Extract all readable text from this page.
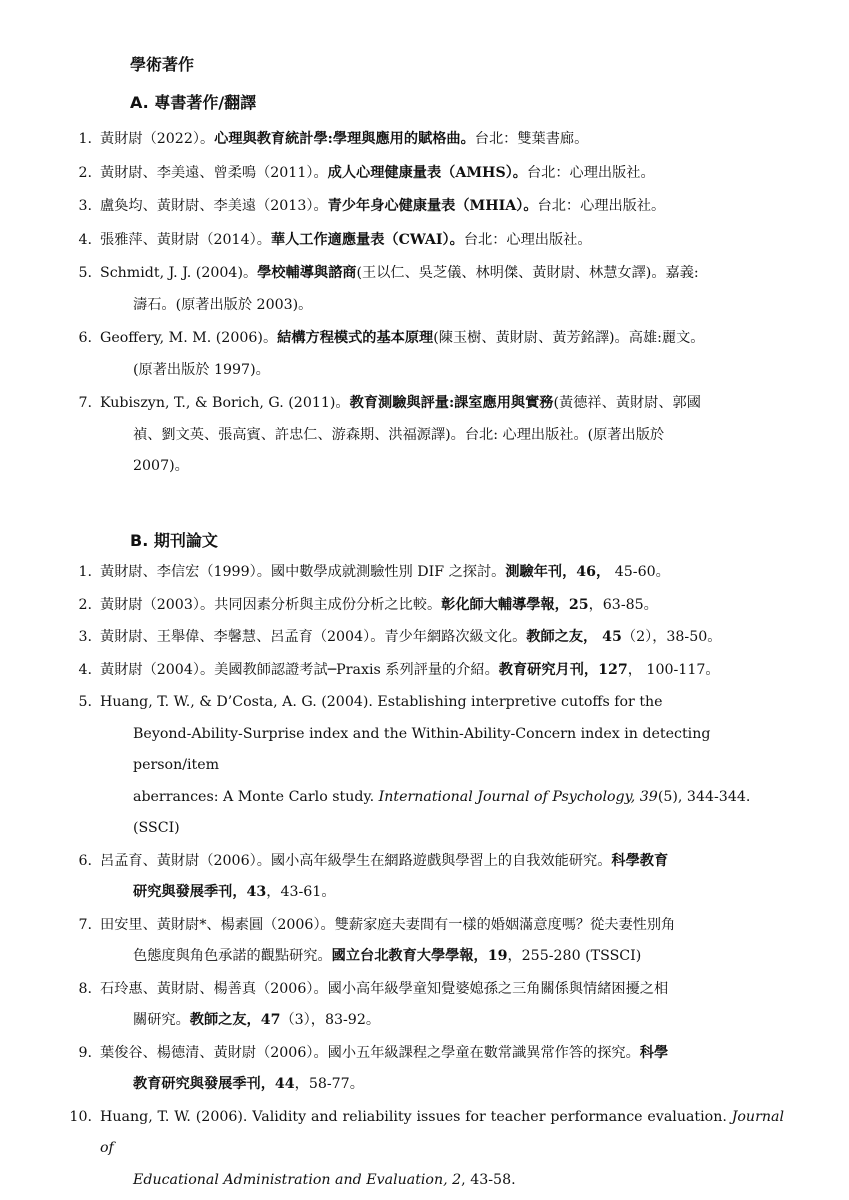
學術著作
A. 專書著作/翻譯
1. 黃財尉（2022）。心理與教育統計學:學理與應用的賦格曲。台北：雙葉書廊。
2. 黃財尉、李美遠、曾柔鳴（2011）。成人心理健康量表（AMHS）。台北：心理出版社。
3. 盧奐均、黃財尉、李美遠（2013）。青少年身心健康量表（MHIA）。台北：心理出版社。
4. 張雅萍、黃財尉（2014）。華人工作適應量表（CWAI）。台北：心理出版社。
5. Schmidt, J. J. (2004)。學校輔導與諮商(王以仁、吳芝儀、林明傑、黃財尉、林慧女譯)。嘉義:
濤石。(原著出版於 2003)。
6. Geoffery, M. M. (2006)。結構方程模式的基本原理(陳玉樹、黃財尉、黃芳銘譯)。高雄:麗文。
(原著出版於 1997)。
7. Kubiszyn, T., & Borich, G. (2011)。教育測驗與評量:課室應用與實務(黃德祥、黃財尉、郭國
禎、劉文英、張高賓、許忠仁、游森期、洪福源譯)。台北: 心理出版社。(原著出版於
2007)。
B. 期刊論文
1. 黃財尉、李信宏（1999）。國中數學成就測驗性別 DIF 之探討。測驗年刊，46， 45-60。
2. 黃財尉（2003）。共同因素分析與主成份分析之比較。彰化師大輔導學報，25，63-85。
3. 黃財尉、王舉偉、李馨慧、呂孟育（2004）。青少年網路次級文化。教師之友， 45（2），38-50。
4. 黃財尉（2004）。美國教師認證考試─Praxis 系列評量的介紹。教育研究月刊，127， 100-117。
5. Huang, T. W., & D’Costa, A. G. (2004). Establishing interpretive cutoffs for the
Beyond-Ability-Surprise index and the Within-Ability-Concern index in detecting person/item
aberrances: A Monte Carlo study. International Journal of Psychology, 39(5), 344-344. (SSCI)
6. 呂孟育、黃財尉（2006）。國小高年級學生在網路遊戲與學習上的自我效能研究。科學教育
研究與發展季刊，43，43-61。
7. 田安里、黃財尉*、楊素圓（2006）。雙薪家庭夫妻間有一樣的婚姻滿意度嗎？從夫妻性別角
色態度與角色承諾的觀點研究。國立台北教育大學學報，19，255-280 (TSSCI)
8. 石玲惠、黃財尉、楊善真（2006）。國小高年級學童知覺婆媳孫之三角關係與情緒困擾之相
關研究。教師之友，47（3），83-92。
9. 葉俊谷、楊德清、黃財尉（2006）。國小五年級課程之學童在數常識異常作答的探究。科學
教育研究與發展季刊，44，58-77。
10. Huang, T. W. (2006). Validity and reliability issues for teacher performance evaluation. Journal of
Educational Administration and Evaluation, 2, 43-58.
